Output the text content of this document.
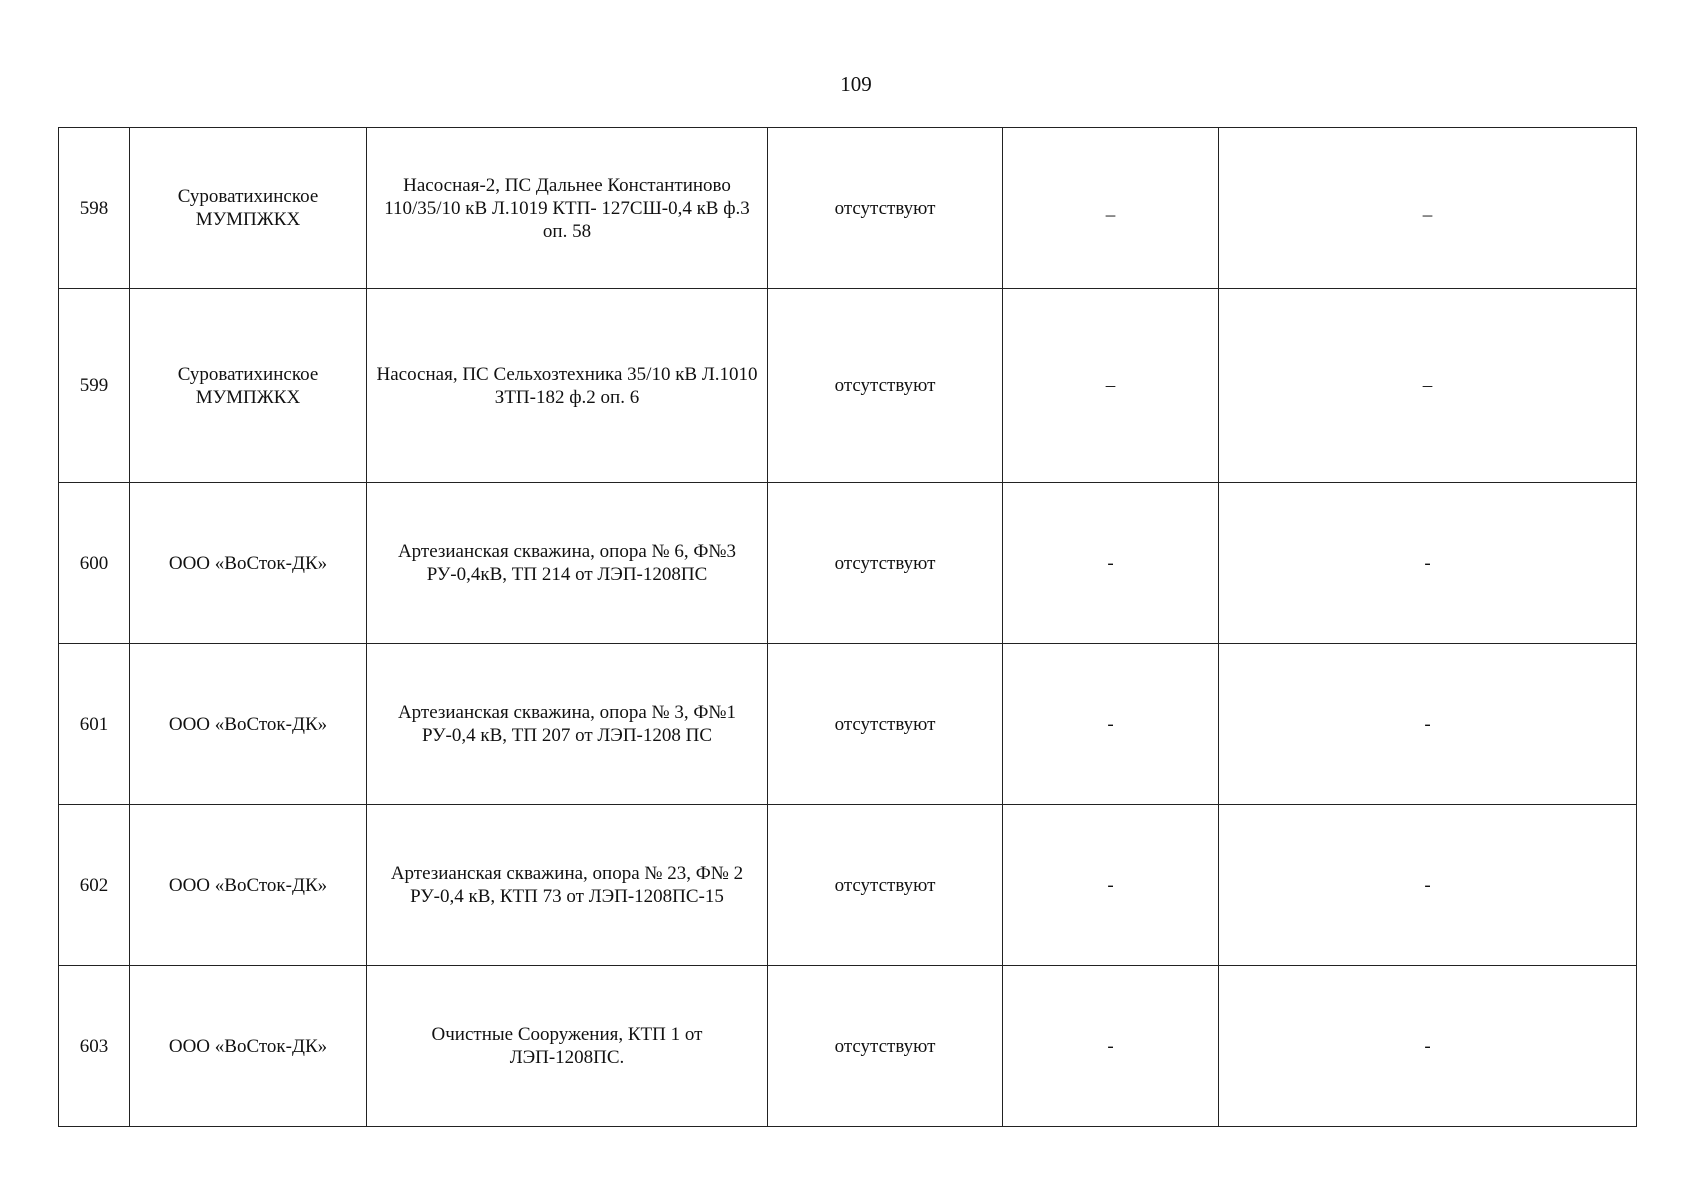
109
598	Суроватихинское МУМПЖКХ	Насосная-2, ПС Дальнее Константиново 110/35/10 кВ Л.1019 КТП- 127СШ-0,4 кВ ф.3 оп. 58	отсутствуют	_	_
599	Суроватихинское МУМПЖКХ	Насосная, ПС Сельхозтехника 35/10 кВ Л.1010 ЗТП-182 ф.2 оп. 6	отсутствуют	–	–
600	ООО «ВоСток-ДК»	Артезианская скважина, опора № 6, Ф№3 РУ-0,4кВ, ТП 214 от ЛЭП-1208ПС	отсутствуют	-	-
601	ООО «ВоСток-ДК»	Артезианская скважина, опора № 3, Ф№1 РУ-0,4 кВ, ТП 207 от ЛЭП-1208 ПС	отсутствуют	-	-
602	ООО «ВоСток-ДК»	Артезианская скважина, опора № 23, Ф№ 2 РУ-0,4 кВ, КТП 73 от ЛЭП-1208ПС-15	отсутствуют	-	-
603	ООО «ВоСток-ДК»	Очистные Сооружения, КТП 1 от ЛЭП-1208ПС.	отсутствуют	-	-
